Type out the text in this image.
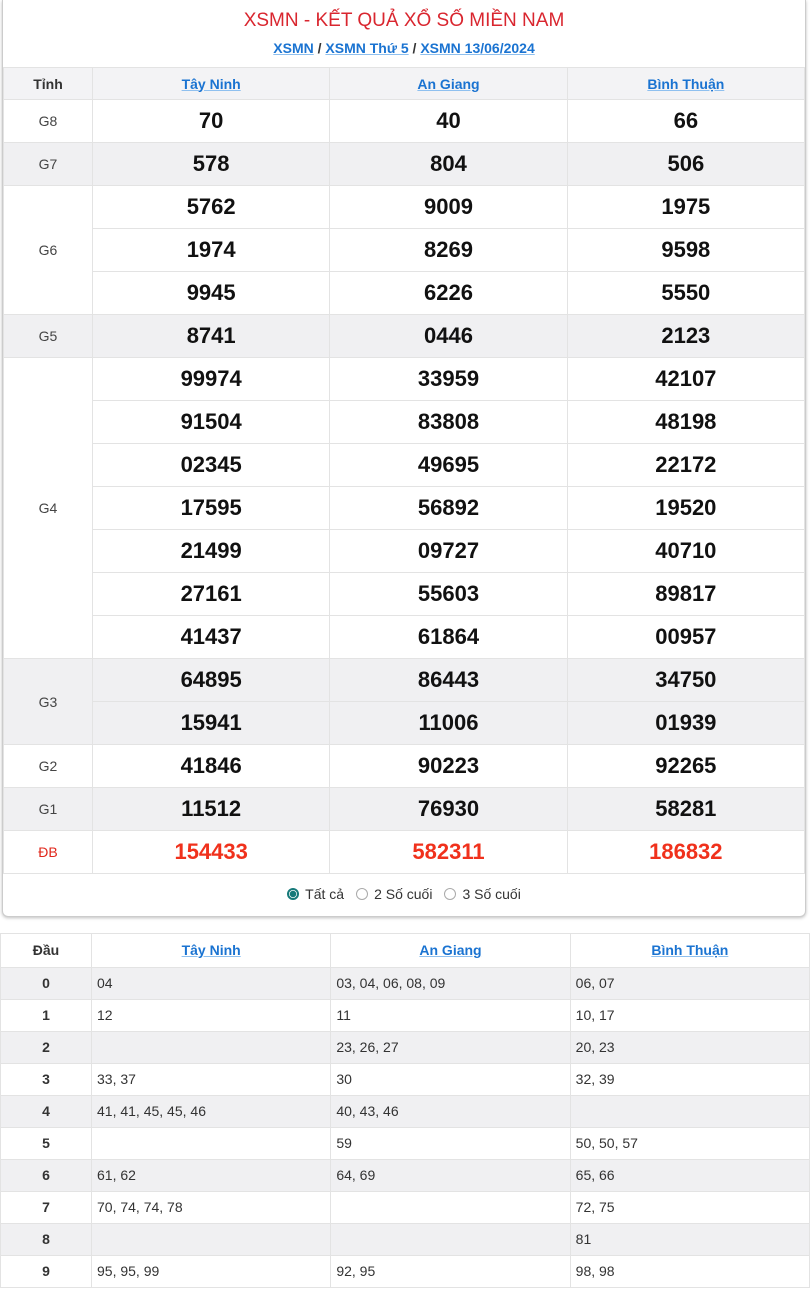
XSMN - KẾT QUẢ XỔ SỐ MIỀN NAM
XSMN / XSMN Thứ 5 / XSMN 13/06/2024
Tỉnh	Tây Ninh	An Giang	Bình Thuận
G8	70	40	66
G7	578	804	506
G6	5762	9009	1975
	1974	8269	9598
	9945	6226	5550
G5	8741	0446	2123
G4	99974	33959	42107
	91504	83808	48198
	02345	49695	22172
	17595	56892	19520
	21499	09727	40710
	27161	55603	89817
	41437	61864	00957
G3	64895	86443	34750
	15941	11006	01939
G2	41846	90223	92265
G1	11512	76930	58281
ĐB	154433	582311	186832
Tất cả 2 Số cuối 3 Số cuối
Đầu	Tây Ninh	An Giang	Bình Thuận
0	04	03, 04, 06, 08, 09	06, 07
1	12	11	10, 17
2		23, 26, 27	20, 23
3	33, 37	30	32, 39
4	41, 41, 45, 45, 46	40, 43, 46	
5		59	50, 50, 57
6	61, 62	64, 69	65, 66
7	70, 74, 74, 78		72, 75
8			81
9	95, 95, 99	92, 95	98, 98
